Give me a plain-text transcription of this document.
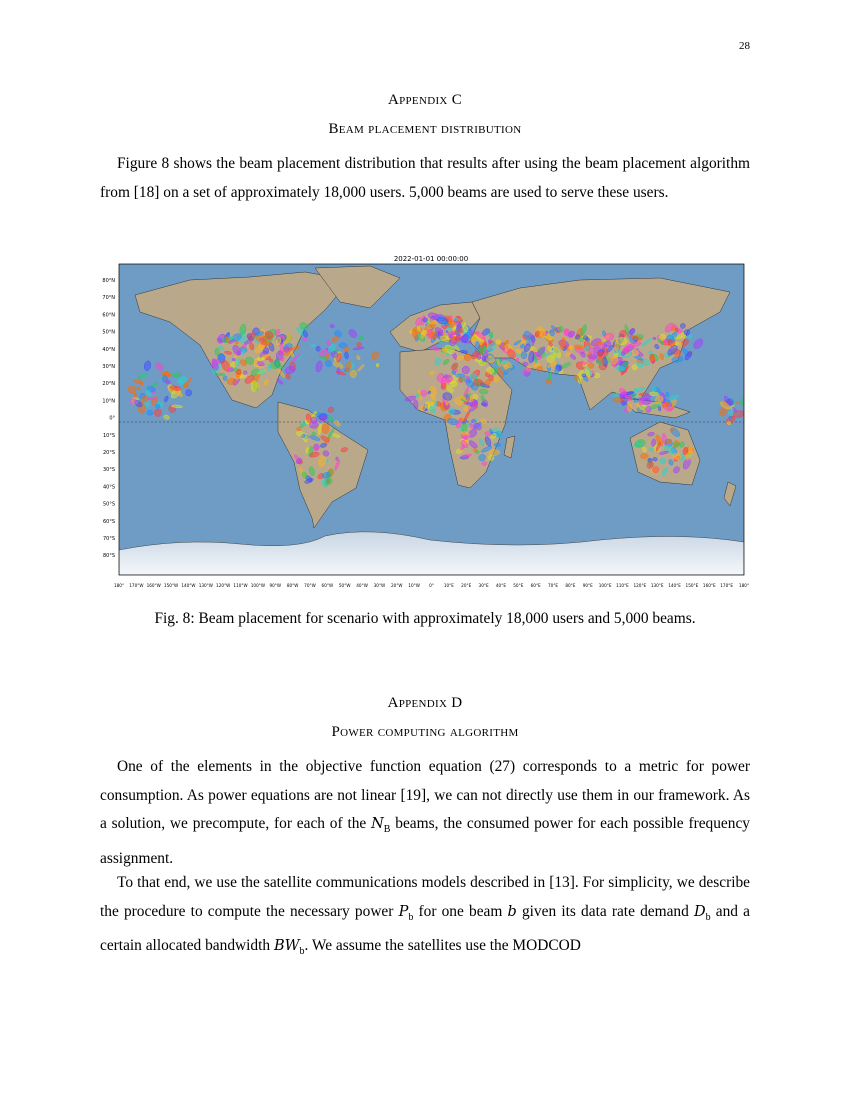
28
Appendix C
Beam placement distribution

Figure 8 shows the beam placement distribution that results after using the beam placement algorithm from [18] on a set of approximately 18,000 users. 5,000 beams are used to serve these users.

2022-01-01 00:00:00
80°N
70°N
60°N
50°N
40°N
30°N
20°N
10°N
0°
10°S
20°S
30°S
40°S
50°S
60°S
70°S
80°S
180° 170°W 160°W 150°W 140°W 130°W 120°W 110°W 100°W 90°W 80°W 70°W 60°W 50°W 40°W 30°W 20°W 10°W 0° 10°E 20°E 30°E 40°E 50°E 60°E 70°E 80°E 90°E 100°E 110°E 120°E 130°E 140°E 150°E 160°E 170°E 180°
Fig. 8: Beam placement for scenario with approximately 18,000 users and 5,000 beams.
Appendix D
Power computing algorithm

One of the elements in the objective function equation (27) corresponds to a metric for power consumption. As power equations are not linear [19], we can not directly use them in our framework. As a solution, we precompute, for each of the $N_B$ beams, the consumed power for each possible frequency assignment.

To that end, we use the satellite communications models described in [13]. For simplicity, we describe the procedure to compute the necessary power $P_b$ for one beam b given its data rate demand $D_b$ and a certain allocated bandwidth $BW_b$. We assume the satellites use the MODCOD
